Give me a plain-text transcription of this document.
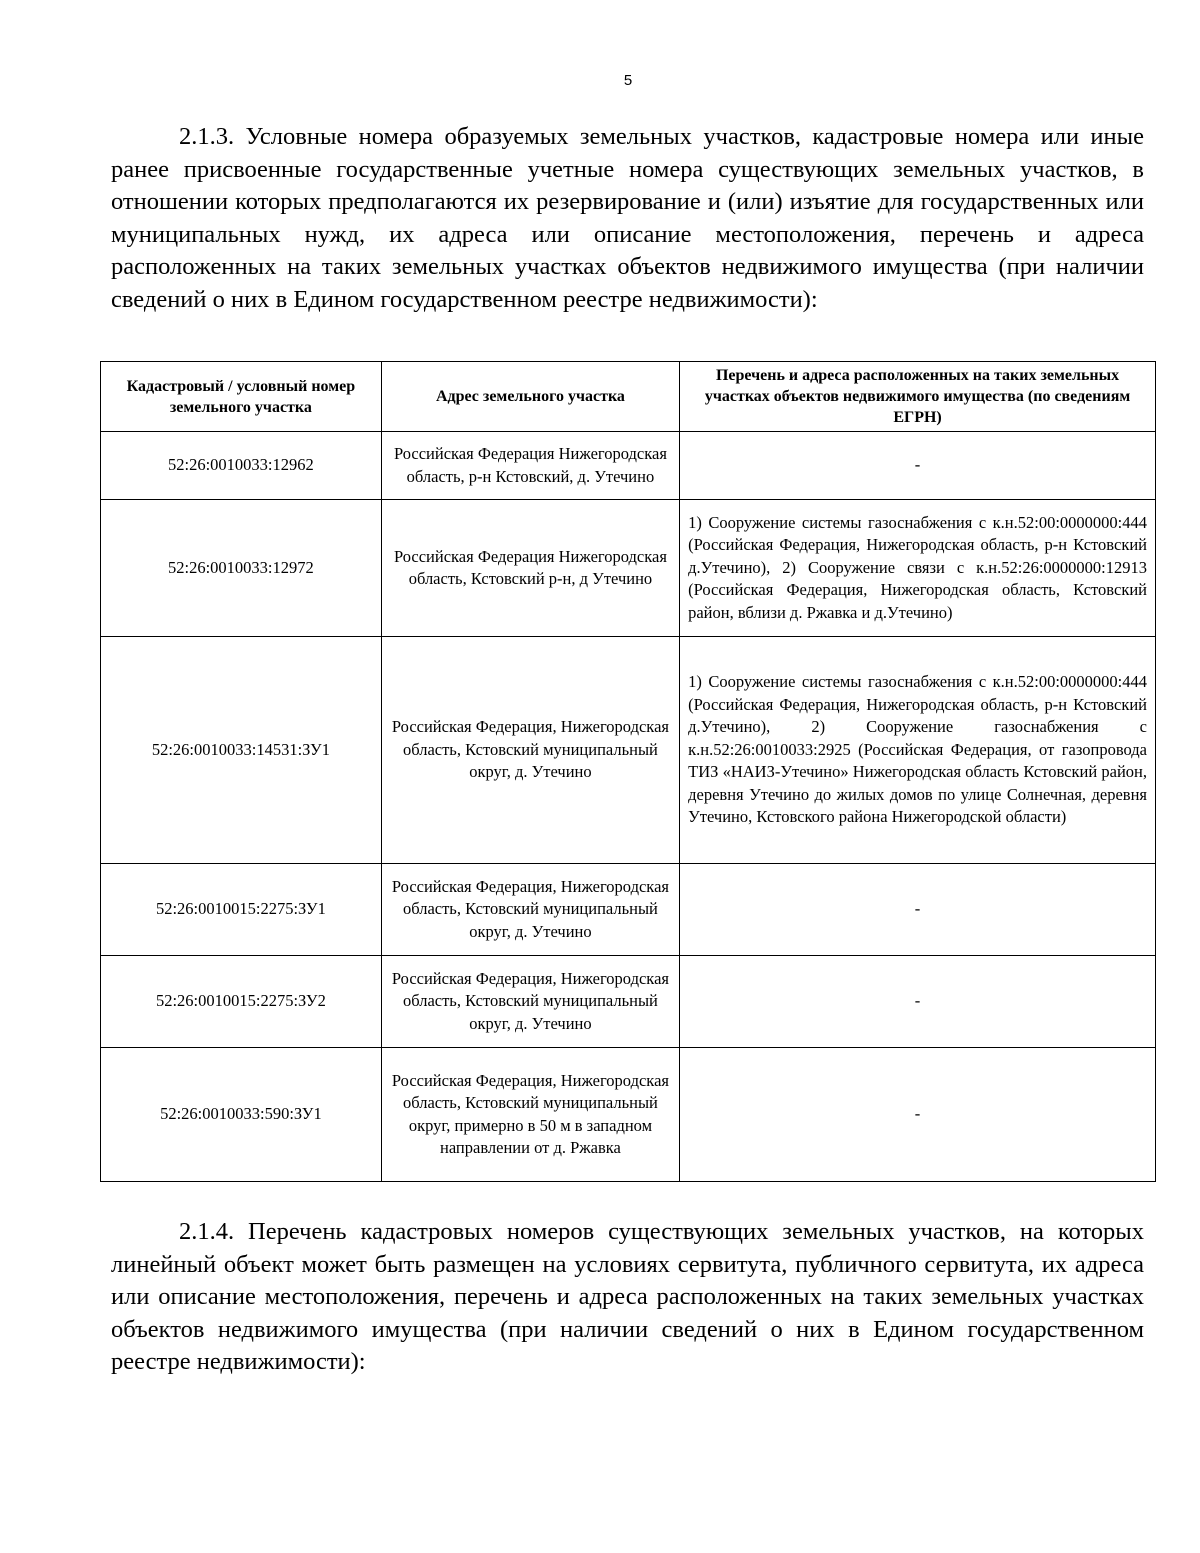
5

2.1.3. Условные номера образуемых земельных участков, кадастровые номера или иные ранее присвоенные государственные учетные номера существующих земельных участков, в отношении которых предполагаются их резервирование и (или) изъятие для государственных или муниципальных нужд, их адреса или описание местоположения, перечень и адреса расположенных на таких земельных участках объектов недвижимого имущества (при наличии сведений о них в Едином государственном реестре недвижимости):

Кадастровый / условный номер земельного участка	Адрес земельного участка	Перечень и адреса расположенных на таких земельных участках объектов недвижимого имущества (по сведениям ЕГРН)
52:26:0010033:12962	Российская Федерация Нижегородская область, р-н Кстовский, д. Утечино	-
52:26:0010033:12972	Российская Федерация Нижегородская область, Кстовский р-н, д Утечино	1) Сооружение системы газоснабжения с к.н.52:00:0000000:444 (Российская Федерация, Нижегородская область, р-н Кстовский д.Утечино), 2) Сооружение связи с к.н.52:26:0000000:12913 (Российская Федерация, Нижегородская область, Кстовский район, вблизи д. Ржавка и д.Утечино)
52:26:0010033:14531:ЗУ1	Российская Федерация, Нижегородская область, Кстовский муниципальный округ, д. Утечино	1) Сооружение системы газоснабжения с к.н.52:00:0000000:444 (Российская Федерация, Нижегородская область, р-н Кстовский д.Утечино), 2) Сооружение газоснабжения с к.н.52:26:0010033:2925 (Российская Федерация, от газопровода ТИЗ «НАИЗ-Утечино» Нижегородская область Кстовский район, деревня Утечино до жилых домов по улице Солнечная, деревня Утечино, Кстовского района Нижегородской области)
52:26:0010015:2275:ЗУ1	Российская Федерация, Нижегородская область, Кстовский муниципальный округ, д. Утечино	-
52:26:0010015:2275:ЗУ2	Российская Федерация, Нижегородская область, Кстовский муниципальный округ, д. Утечино	-
52:26:0010033:590:ЗУ1	Российская Федерация, Нижегородская область, Кстовский муниципальный округ, примерно в 50 м в западном направлении от д. Ржавка	-

2.1.4. Перечень кадастровых номеров существующих земельных участков, на которых линейный объект может быть размещен на условиях сервитута, публичного сервитута, их адреса или описание местоположения, перечень и адреса расположенных на таких земельных участках объектов недвижимого имущества (при наличии сведений о них в Едином государственном реестре недвижимости):
